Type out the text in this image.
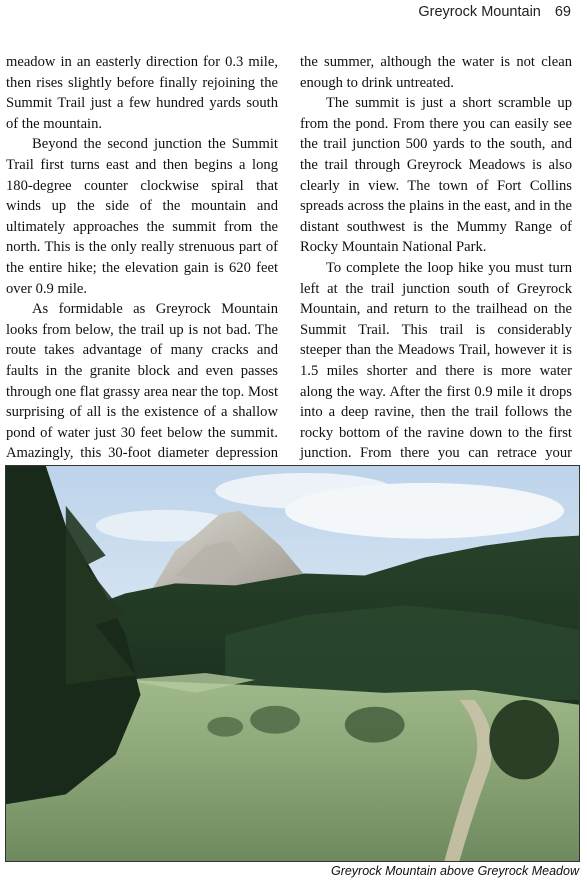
Greyrock Mountain 69

meadow in an easterly direction for 0.3 mile, then rises slightly before finally rejoining the Summit Trail just a few hundred yards south of the mountain.

Beyond the second junction the Summit Trail first turns east and then begins a long 180-degree counter clockwise spiral that winds up the side of the mountain and ultimately approaches the summit from the north. This is the only really strenuous part of the entire hike; the elevation gain is 620 feet over 0.9 mile.

As formidable as Greyrock Mountain looks from below, the trail up is not bad. The route takes advantage of many cracks and faults in the granite block and even passes through one flat grassy area near the top. Most surprising of all is the existence of a shallow pond of water just 30 feet below the summit. Amazingly, this 30-foot diameter depression

the summer, although the water is not clean enough to drink untreated.

The summit is just a short scramble up from the pond. From there you can easily see the trail junction 500 yards to the south, and the trail through Greyrock Meadows is also clearly in view. The town of Fort Collins spreads across the plains in the east, and in the distant southwest is the Mummy Range of Rocky Mountain National Park.

To complete the loop hike you must turn left at the trail junction south of Greyrock Mountain, and return to the trailhead on the Summit Trail. This trail is considerably steeper than the Meadows Trail, however it is 1.5 miles shorter and there is more water along the way. After the first 0.9 mile it drops into a deep ravine, then the trail follows the rocky bottom of the ravine down to the first junction. From there you can retrace your

Greyrock Mountain above Greyrock Meadow
